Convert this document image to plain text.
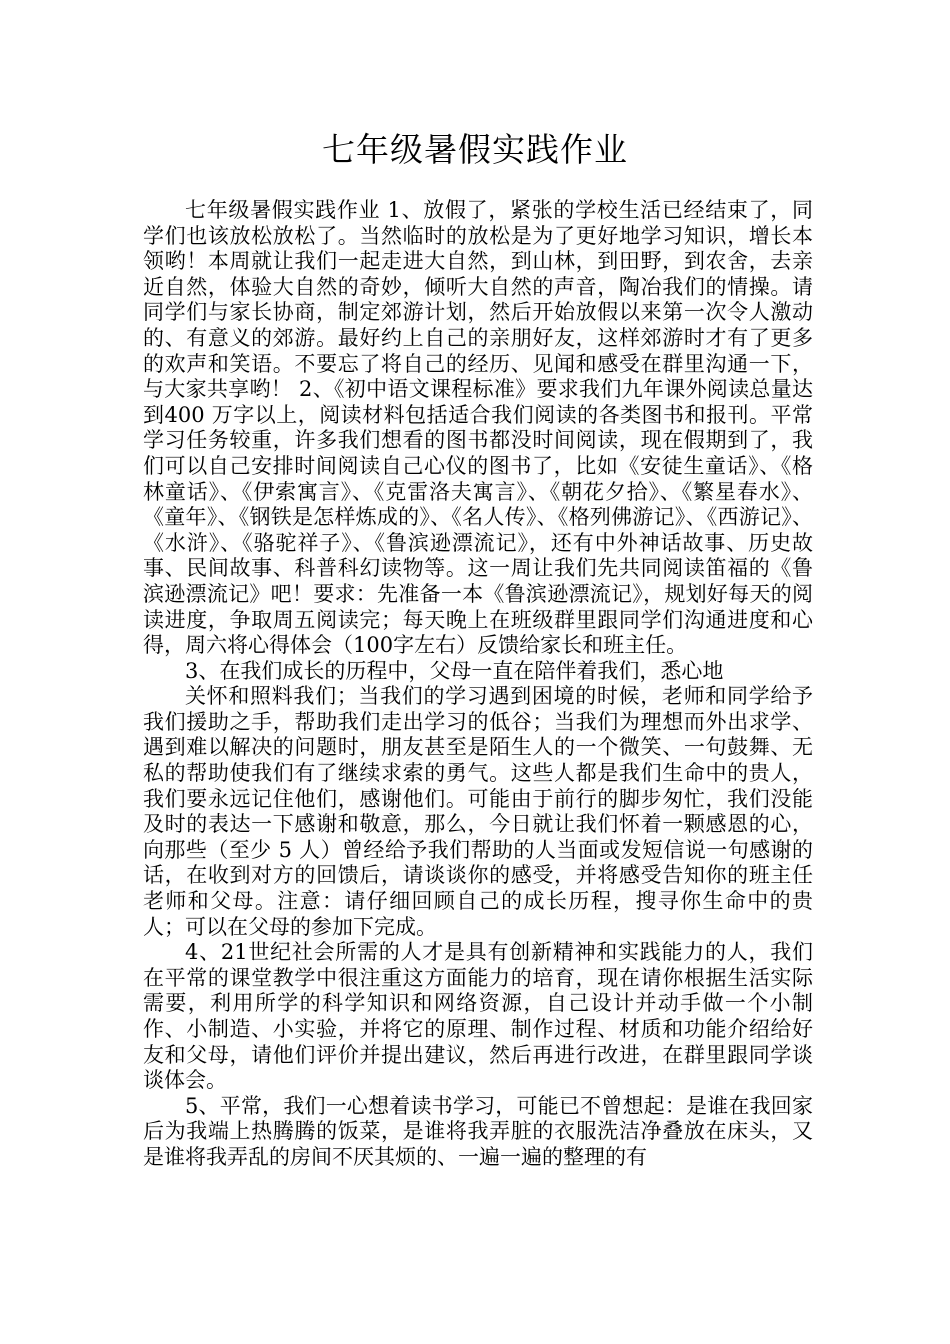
七年级暑假实践作业

七年级暑假实践作业 1、放假了，紧张的学校生活已经结束了，同学们也该放松放松了。当然临时的放松是为了更好地学习知识，增长本领哟！本周就让我们一起走进大自然，到山林，到田野，到农舍，去亲近自然，体验大自然的奇妙，倾听大自然的声音，陶冶我们的情操。请同学们与家长协商，制定郊游计划，然后开始放假以来第一次令人激动的、有意义的郊游。最好约上自己的亲朋好友，这样郊游时才有了更多的欢声和笑语。不要忘了将自己的经历、见闻和感受在群里沟通一下，与大家共享哟！ 2、《初中语文课程标准》要求我们九年课外阅读总量达到400 万字以上，阅读材料包括适合我们阅读的各类图书和报刊。平常学习任务较重，许多我们想看的图书都没时间阅读，现在假期到了，我们可以自己安排时间阅读自己心仪的图书了，比如《安徒生童话》、《格林童话》、《伊索寓言》、《克雷洛夫寓言》、《朝花夕拾》、《繁星春水》、《童年》、《钢铁是怎样炼成的》、《名人传》、《格列佛游记》、《西游记》、《水浒》、《骆驼祥子》、《鲁滨逊漂流记》，还有中外神话故事、历史故事、民间故事、科普科幻读物等。这一周让我们先共同阅读笛福的《鲁滨逊漂流记》吧！要求：先准备一本《鲁滨逊漂流记》，规划好每天的阅读进度，争取周五阅读完；每天晚上在班级群里跟同学们沟通进度和心得，周六将心得体会（100字左右）反馈给家长和班主任。

3、在我们成长的历程中，父母一直在陪伴着我们，悉心地

关怀和照料我们；当我们的学习遇到困境的时候，老师和同学给予我们援助之手，帮助我们走出学习的低谷；当我们为理想而外出求学、遇到难以解决的问题时，朋友甚至是陌生人的一个微笑、一句鼓舞、无私的帮助使我们有了继续求索的勇气。这些人都是我们生命中的贵人，我们要永远记住他们，感谢他们。可能由于前行的脚步匆忙，我们没能及时的表达一下感谢和敬意，那么，今日就让我们怀着一颗感恩的心，向那些（至少 5 人）曾经给予我们帮助的人当面或发短信说一句感谢的话，在收到对方的回馈后，请谈谈你的感受，并将感受告知你的班主任老师和父母。注意：请仔细回顾自己的成长历程，搜寻你生命中的贵人；可以在父母的参加下完成。

4、21世纪社会所需的人才是具有创新精神和实践能力的人，我们在平常的课堂教学中很注重这方面能力的培育，现在请你根据生活实际需要，利用所学的科学知识和网络资源，自己设计并动手做一个小制作、小制造、小实验，并将它的原理、制作过程、材质和功能介绍给好友和父母，请他们评价并提出建议，然后再进行改进，在群里跟同学谈谈体会。

5、平常，我们一心想着读书学习，可能已不曾想起：是谁在我回家后为我端上热腾腾的饭菜，是谁将我弄脏的衣服洗洁净叠放在床头，又是谁将我弄乱的房间不厌其烦的、一遍一遍的整理的有
